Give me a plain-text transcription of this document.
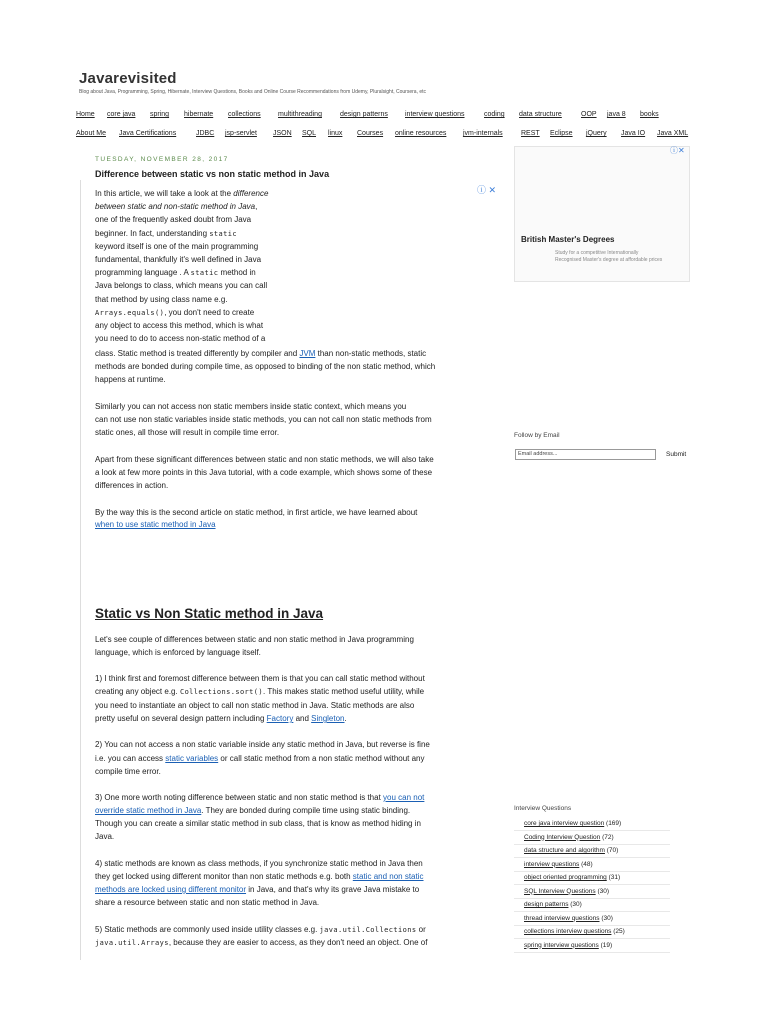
Javarevisited
Blog about Java, Programming, Spring, Hibernate, Interview Questions, Books and Online Course Recommendations from Udemy, Pluralsight, Coursera, etc
Home core java spring hibernate collections multithreading	design patterns interview questions	coding data structure	OOP java 8 books
About Me Java Certifications	JDBC jsp-servlet JSON SQL linux Courses online resources jvm-internals	REST Eclipse jQuery Java IO Java XML
TUESDAY, NOVEMBER 28, 2017
Difference between static vs non static method in Java
ⓘ ✕
In this article, we will take a look at the difference
between static and non-static method in Java,
one of the frequently asked doubt from Java
beginner. In fact, understanding static
keyword itself is one of the main programming
fundamental, thankfully it's well defined in Java
programming language . A static method in
Java belongs to class, which means you can call
that method by using class name e.g.
Arrays.equals(), you don't need to create
any object to access this method, which is what
you need to do to access non-static method of a
class. Static method is treated differently by compiler and JVM than non-static methods, static
methods are bonded during compile time, as opposed to binding of the non static method, which
happens at runtime.
Similarly you can not access non static members inside static context, which means you
can not use non static variables inside static methods, you can not call non static methods from
static ones, all those will result in compile time error.
Apart from these significant differences between static and non static methods, we will also take
a look at few more points in this Java tutorial, with a code example, which shows some of these
differences in action.
By the way this is the second article on static method, in first article, we have learned about
when to use static method in Java
Static vs Non Static method in Java
Let's see couple of differences between static and non static method in Java programming
language, which is enforced by language itself.
1) I think first and foremost difference between them is that you can call static method without
creating any object e.g. Collections.sort(). This makes static method useful utility, while
you need to instantiate an object to call non static method in Java. Static methods are also
pretty useful on several design pattern including Factory and Singleton.
2) You can not access a non static variable inside any static method in Java, but reverse is fine
i.e. you can access static variables or call static method from a non static method without any
compile time error.
3) One more worth noting difference between static and non static method is that you can not
override static method in Java. They are bonded during compile time using static binding.
Though you can create a similar static method in sub class, that is know as method hiding in
Java.
4) static methods are known as class methods, if you synchronize static method in Java then
they get locked using different monitor than non static methods e.g. both static and non static
methods are locked using different monitor in Java, and that's why its grave Java mistake to
share a resource between static and non static method in Java.
5) Static methods are commonly used inside utility classes e.g. java.util.Collections or
java.util.Arrays, because they are easier to access, as they don't need an object. One of
ⓘ✕
British Master's Degrees
Study for a competitive Internationally Recognised Master's degree at affordable prices
Follow by Email
Email address...	Submit
Interview Questions
core java interview question (169)
Coding Interview Question (72)
data structure and algorithm (70)
interview questions (48)
object oriented programming (31)
SQL Interview Questions (30)
design patterns (30)
thread interview questions (30)
collections interview questions (25)
spring interview questions (19)
